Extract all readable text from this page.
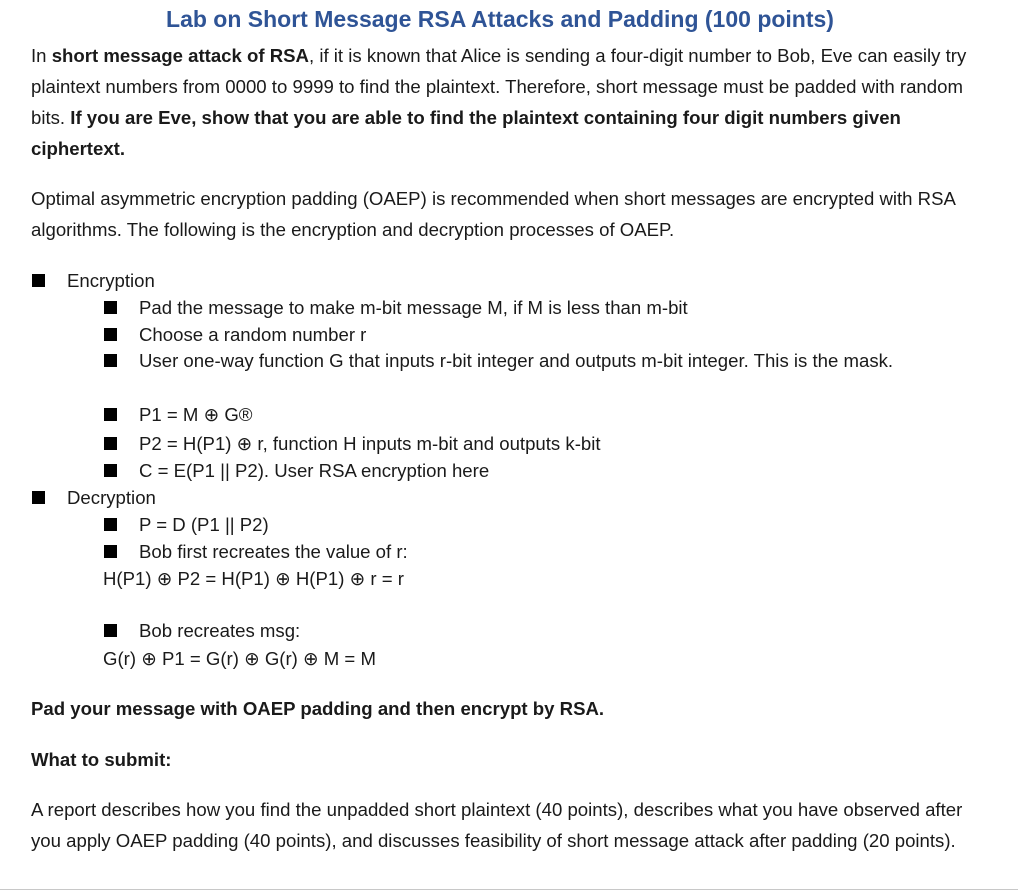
Lab on Short Message RSA Attacks and Padding (100 points)

In short message attack of RSA, if it is known that Alice is sending a four-digit number to Bob, Eve can easily try plaintext numbers from 0000 to 9999 to find the plaintext. Therefore, short message must be padded with random bits. If you are Eve, show that you are able to find the plaintext containing four digit numbers given ciphertext.

Optimal asymmetric encryption padding (OAEP) is recommended when short messages are encrypted with RSA algorithms. The following is the encryption and decryption processes of OAEP.

Encryption
Pad the message to make m-bit message M, if M is less than m-bit
Choose a random number r
User one-way function G that inputs r-bit integer and outputs m-bit integer. This is the mask.
P1 = M ⊕ G®
P2 = H(P1) ⊕ r, function H inputs m-bit and outputs k-bit
C = E(P1 || P2). User RSA encryption here
Decryption
P = D (P1 || P2)
Bob first recreates the value of r:
H(P1) ⊕ P2 = H(P1) ⊕ H(P1) ⊕ r = r
Bob recreates msg:
G(r) ⊕ P1 = G(r) ⊕ G(r) ⊕ M = M

Pad your message with OAEP padding and then encrypt by RSA.

What to submit:

A report describes how you find the unpadded short plaintext (40 points), describes what you have observed after you apply OAEP padding (40 points), and discusses feasibility of short message attack after padding (20 points).
